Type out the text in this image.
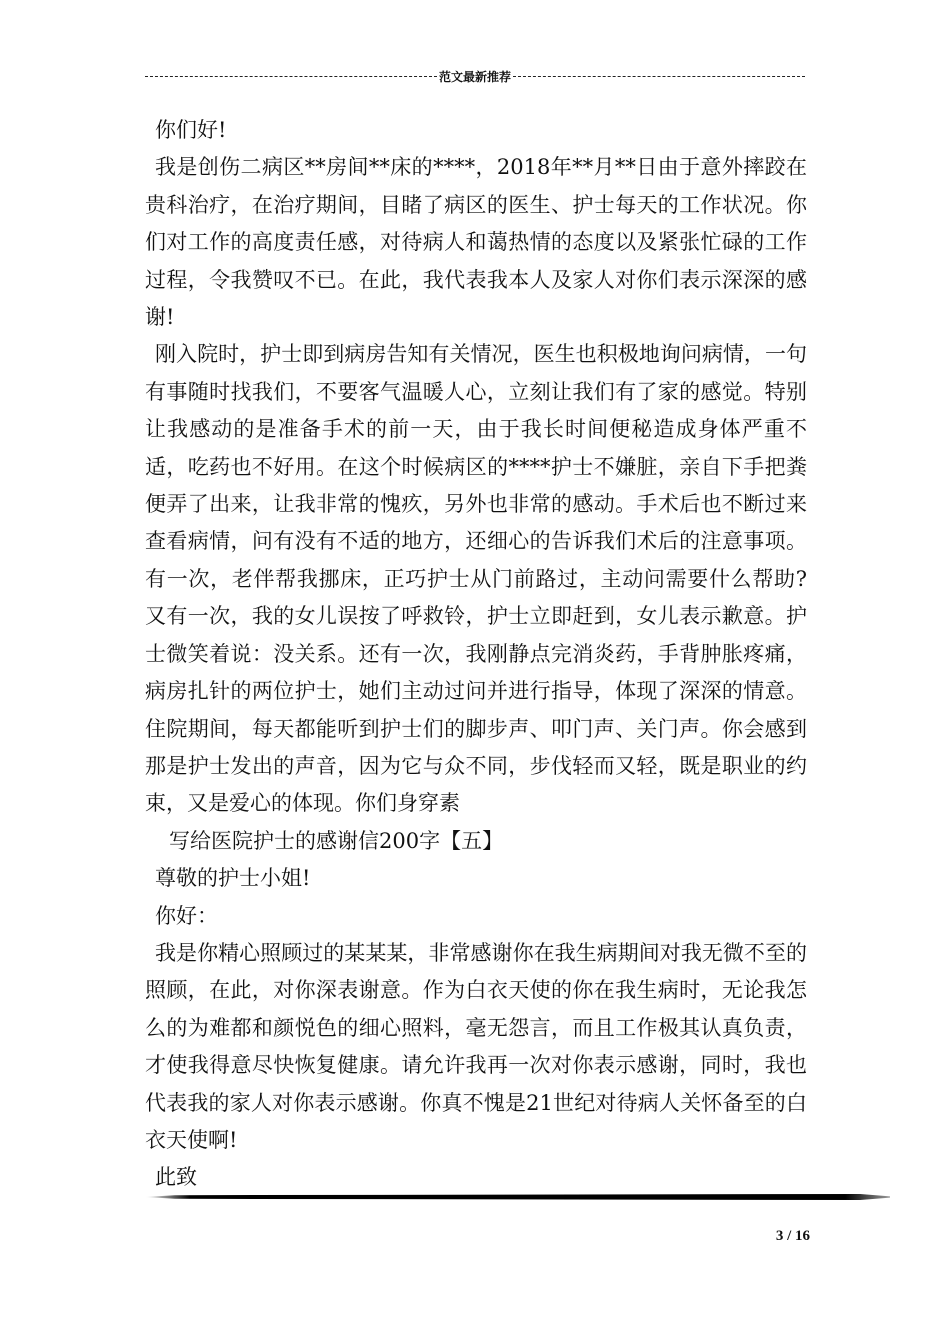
范文最新推荐

你们好!

我是创伤二病区**房间**床的****，2018年**月**日由于意外摔跤在贵科治疗，在治疗期间，目睹了病区的医生、护士每天的工作状况。你们对工作的高度责任感，对待病人和蔼热情的态度以及紧张忙碌的工作过程，令我赞叹不已。在此，我代表我本人及家人对你们表示深深的感谢!

刚入院时，护士即到病房告知有关情况，医生也积极地询问病情，一句有事随时找我们，不要客气温暖人心，立刻让我们有了家的感觉。特别让我感动的是准备手术的前一天，由于我长时间便秘造成身体严重不适，吃药也不好用。在这个时候病区的****护士不嫌脏，亲自下手把粪便弄了出来，让我非常的愧疚，另外也非常的感动。手术后也不断过来查看病情，问有没有不适的地方，还细心的告诉我们术后的注意事项。有一次，老伴帮我挪床，正巧护士从门前路过，主动问需要什么帮助?又有一次，我的女儿误按了呼救铃，护士立即赶到，女儿表示歉意。护士微笑着说：没关系。还有一次，我刚静点完消炎药，手背肿胀疼痛，病房扎针的两位护士，她们主动过问并进行指导，体现了深深的情意。住院期间，每天都能听到护士们的脚步声、叩门声、关门声。你会感到那是护士发出的声音，因为它与众不同，步伐轻而又轻，既是职业的约束，又是爱心的体现。你们身穿素

写给医院护士的感谢信200字【五】

尊敬的护士小姐!

你好：

我是你精心照顾过的某某某，非常感谢你在我生病期间对我无微不至的照顾，在此，对你深表谢意。作为白衣天使的你在我生病时，无论我怎么的为难都和颜悦色的细心照料，毫无怨言，而且工作极其认真负责，才使我得意尽快恢复健康。请允许我再一次对你表示感谢，同时，我也代表我的家人对你表示感谢。你真不愧是21世纪对待病人关怀备至的白衣天使啊!

此致

3 / 16
